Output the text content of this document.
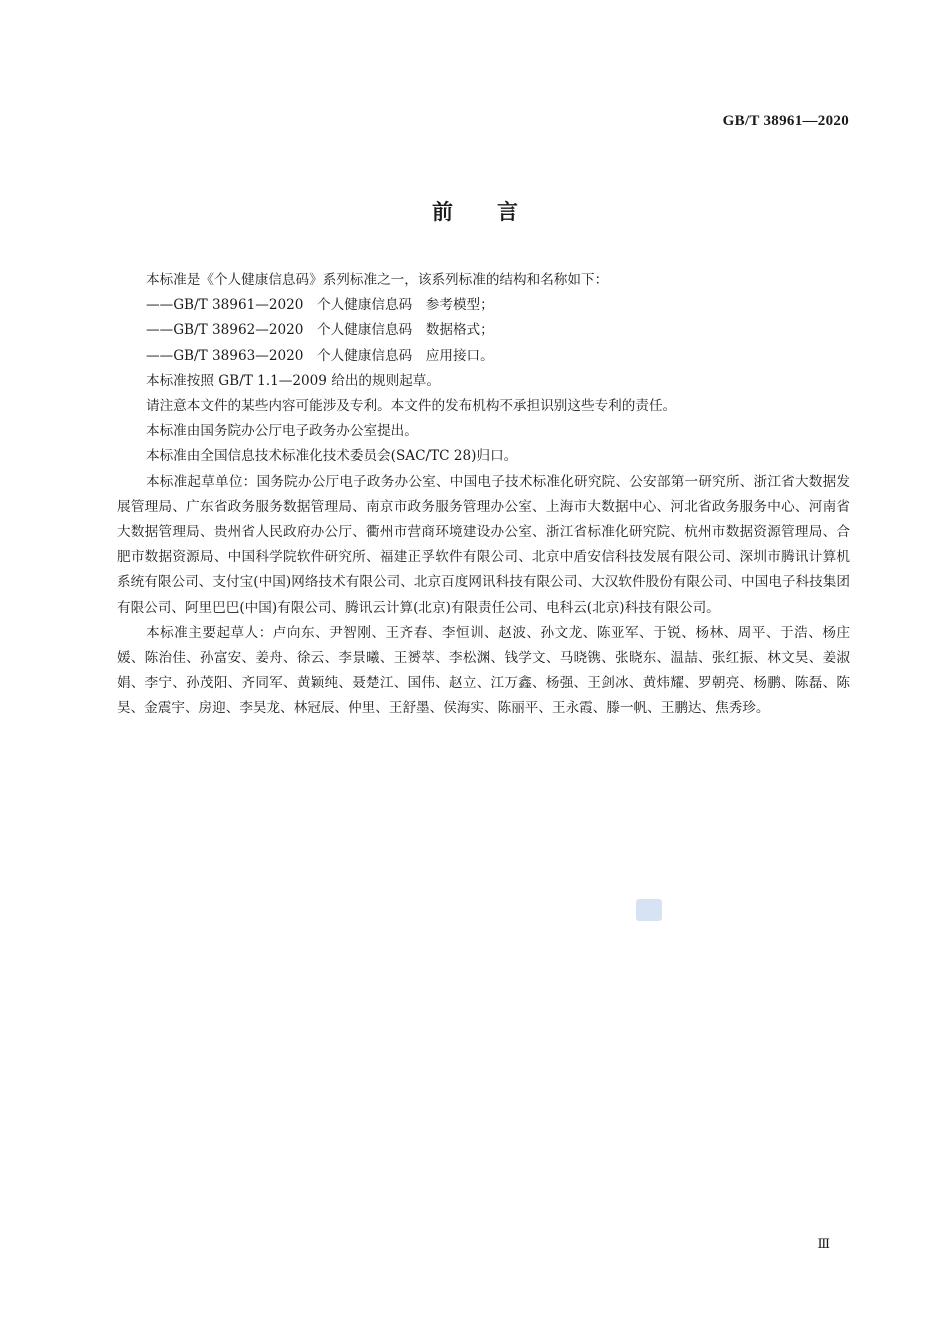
GB/T 38961—2020
前言

本标准是《个人健康信息码》系列标准之一，该系列标准的结构和名称如下：

——GB/T 38961—2020　个人健康信息码　参考模型；

——GB/T 38962—2020　个人健康信息码　数据格式；

——GB/T 38963—2020　个人健康信息码　应用接口。

本标准按照 GB/T 1.1—2009 给出的规则起草。

请注意本文件的某些内容可能涉及专利。本文件的发布机构不承担识别这些专利的责任。

本标准由国务院办公厅电子政务办公室提出。

本标准由全国信息技术标准化技术委员会(SAC/TC 28)归口。

本标准起草单位：国务院办公厅电子政务办公室、中国电子技术标准化研究院、公安部第一研究所、浙江省大数据发展管理局、广东省政务服务数据管理局、南京市政务服务管理办公室、上海市大数据中心、河北省政务服务中心、河南省大数据管理局、贵州省人民政府办公厅、衢州市营商环境建设办公室、浙江省标准化研究院、杭州市数据资源管理局、合肥市数据资源局、中国科学院软件研究所、福建正孚软件有限公司、北京中盾安信科技发展有限公司、深圳市腾讯计算机系统有限公司、支付宝(中国)网络技术有限公司、北京百度网讯科技有限公司、大汉软件股份有限公司、中国电子科技集团有限公司、阿里巴巴(中国)有限公司、腾讯云计算(北京)有限责任公司、电科云(北京)科技有限公司。

本标准主要起草人：卢向东、尹智刚、王齐春、李恒训、赵波、孙文龙、陈亚军、于锐、杨林、周平、于浩、杨庄媛、陈治佳、孙富安、姜舟、徐云、李景曦、王赟萃、李松渊、钱学文、马晓镌、张晓东、温喆、张红振、林文昊、姜淑娟、李宁、孙茂阳、齐同军、黄颖纯、聂楚江、国伟、赵立、江万鑫、杨强、王剑冰、黄炜耀、罗朝亮、杨鹏、陈磊、陈昊、金震宇、房迎、李昊龙、林冠辰、仲里、王舒墨、侯海实、陈丽平、王永霞、滕一帆、王鹏达、焦秀珍。

Ⅲ
